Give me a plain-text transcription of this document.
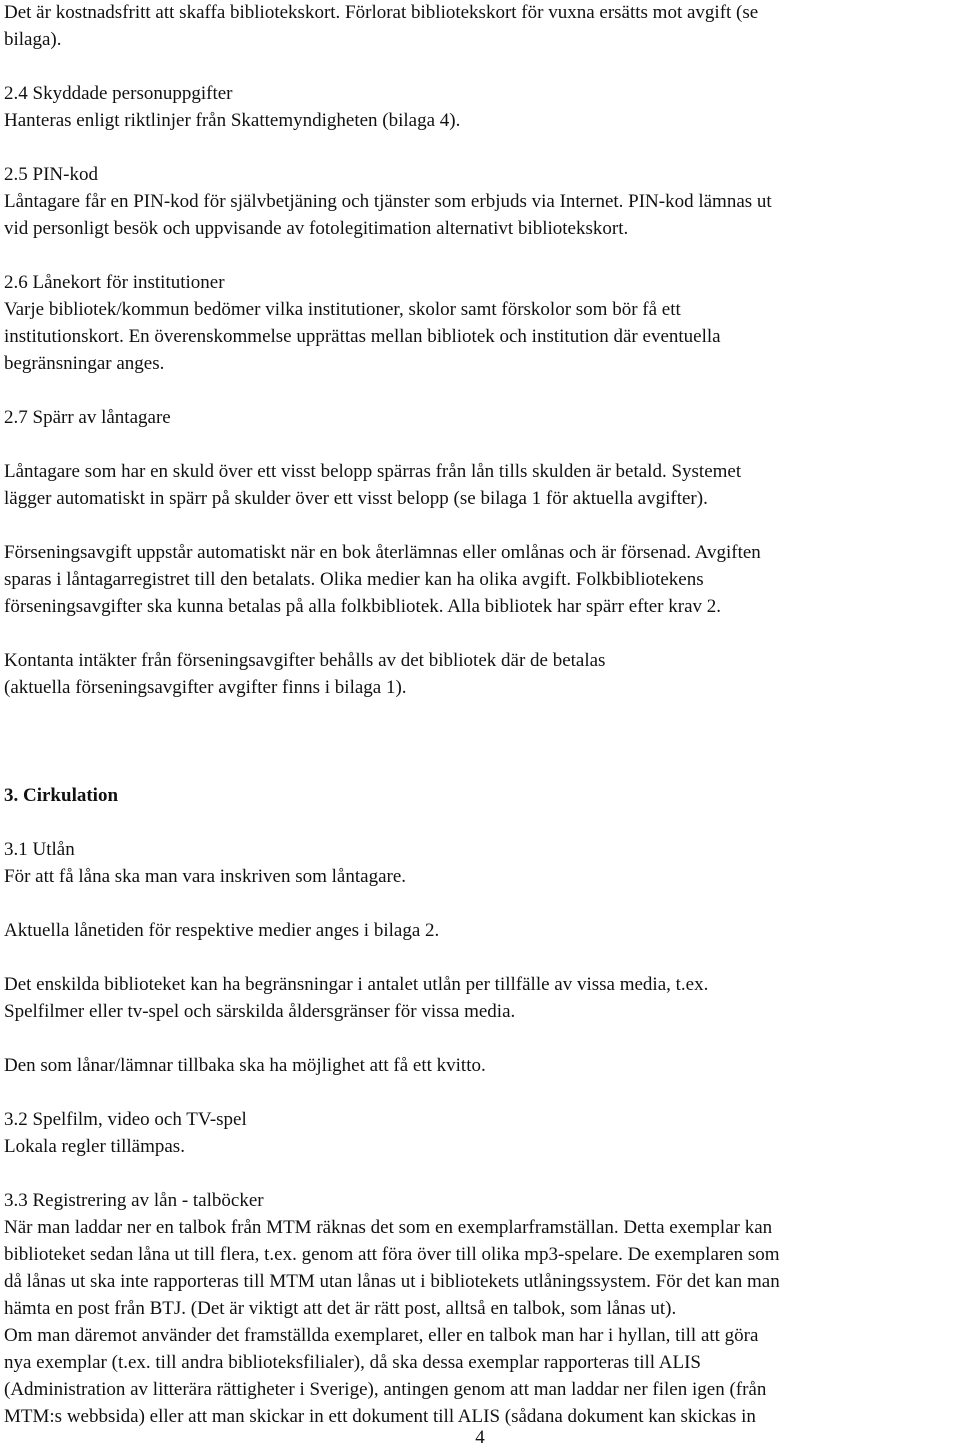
Det är kostnadsfritt att skaffa bibliotekskort. Förlorat bibliotekskort för vuxna ersätts mot avgift (se
bilaga).
2.4 Skyddade personuppgifter
Hanteras enligt riktlinjer från Skattemyndigheten (bilaga 4).
2.5 PIN-kod
Låntagare får en PIN-kod för självbetjäning och tjänster som erbjuds via Internet. PIN-kod lämnas ut
vid personligt besök och uppvisande av fotolegitimation alternativt bibliotekskort.
2.6 Lånekort för institutioner
Varje bibliotek/kommun bedömer vilka institutioner, skolor samt förskolor som bör få ett
institutionskort. En överenskommelse upprättas mellan bibliotek och institution där eventuella
begränsningar anges.
2.7 Spärr av låntagare
Låntagare som har en skuld över ett visst belopp spärras från lån tills skulden är betald. Systemet
lägger automatiskt in spärr på skulder över ett visst belopp (se bilaga 1 för aktuella avgifter).
Förseningsavgift uppstår automatiskt när en bok återlämnas eller omlånas och är försenad. Avgiften
sparas i låntagarregistret till den betalats. Olika medier kan ha olika avgift. Folkbibliotekens
förseningsavgifter ska kunna betalas på alla folkbibliotek. Alla bibliotek har spärr efter krav 2.
Kontanta intäkter från förseningsavgifter behålls av det bibliotek där de betalas
(aktuella förseningsavgifter avgifter finns i bilaga 1).
3. Cirkulation
3.1 Utlån
För att få låna ska man vara inskriven som låntagare.
Aktuella lånetiden för respektive medier anges i bilaga 2.
Det enskilda biblioteket kan ha begränsningar i antalet utlån per tillfälle av vissa media, t.ex.
Spelfilmer eller tv-spel och särskilda åldersgränser för vissa media.
Den som lånar/lämnar tillbaka ska ha möjlighet att få ett kvitto.
3.2 Spelfilm, video och TV-spel
Lokala regler tillämpas.
3.3 Registrering av lån - talböcker
När man laddar ner en talbok från MTM räknas det som en exemplarframställan. Detta exemplar kan
biblioteket sedan låna ut till flera, t.ex. genom att föra över till olika mp3-spelare. De exemplaren som
då lånas ut ska inte rapporteras till MTM utan lånas ut i bibliotekets utlåningssystem. För det kan man
hämta en post från BTJ. (Det är viktigt att det är rätt post, alltså en talbok, som lånas ut).
Om man däremot använder det framställda exemplaret, eller en talbok man har i hyllan, till att göra
nya exemplar (t.ex. till andra biblioteksfilialer), då ska dessa exemplar rapporteras till ALIS
(Administration av litterära rättigheter i Sverige), antingen genom att man laddar ner filen igen (från
MTM:s webbsida) eller att man skickar in ett dokument till ALIS (sådana dokument kan skickas in
4
